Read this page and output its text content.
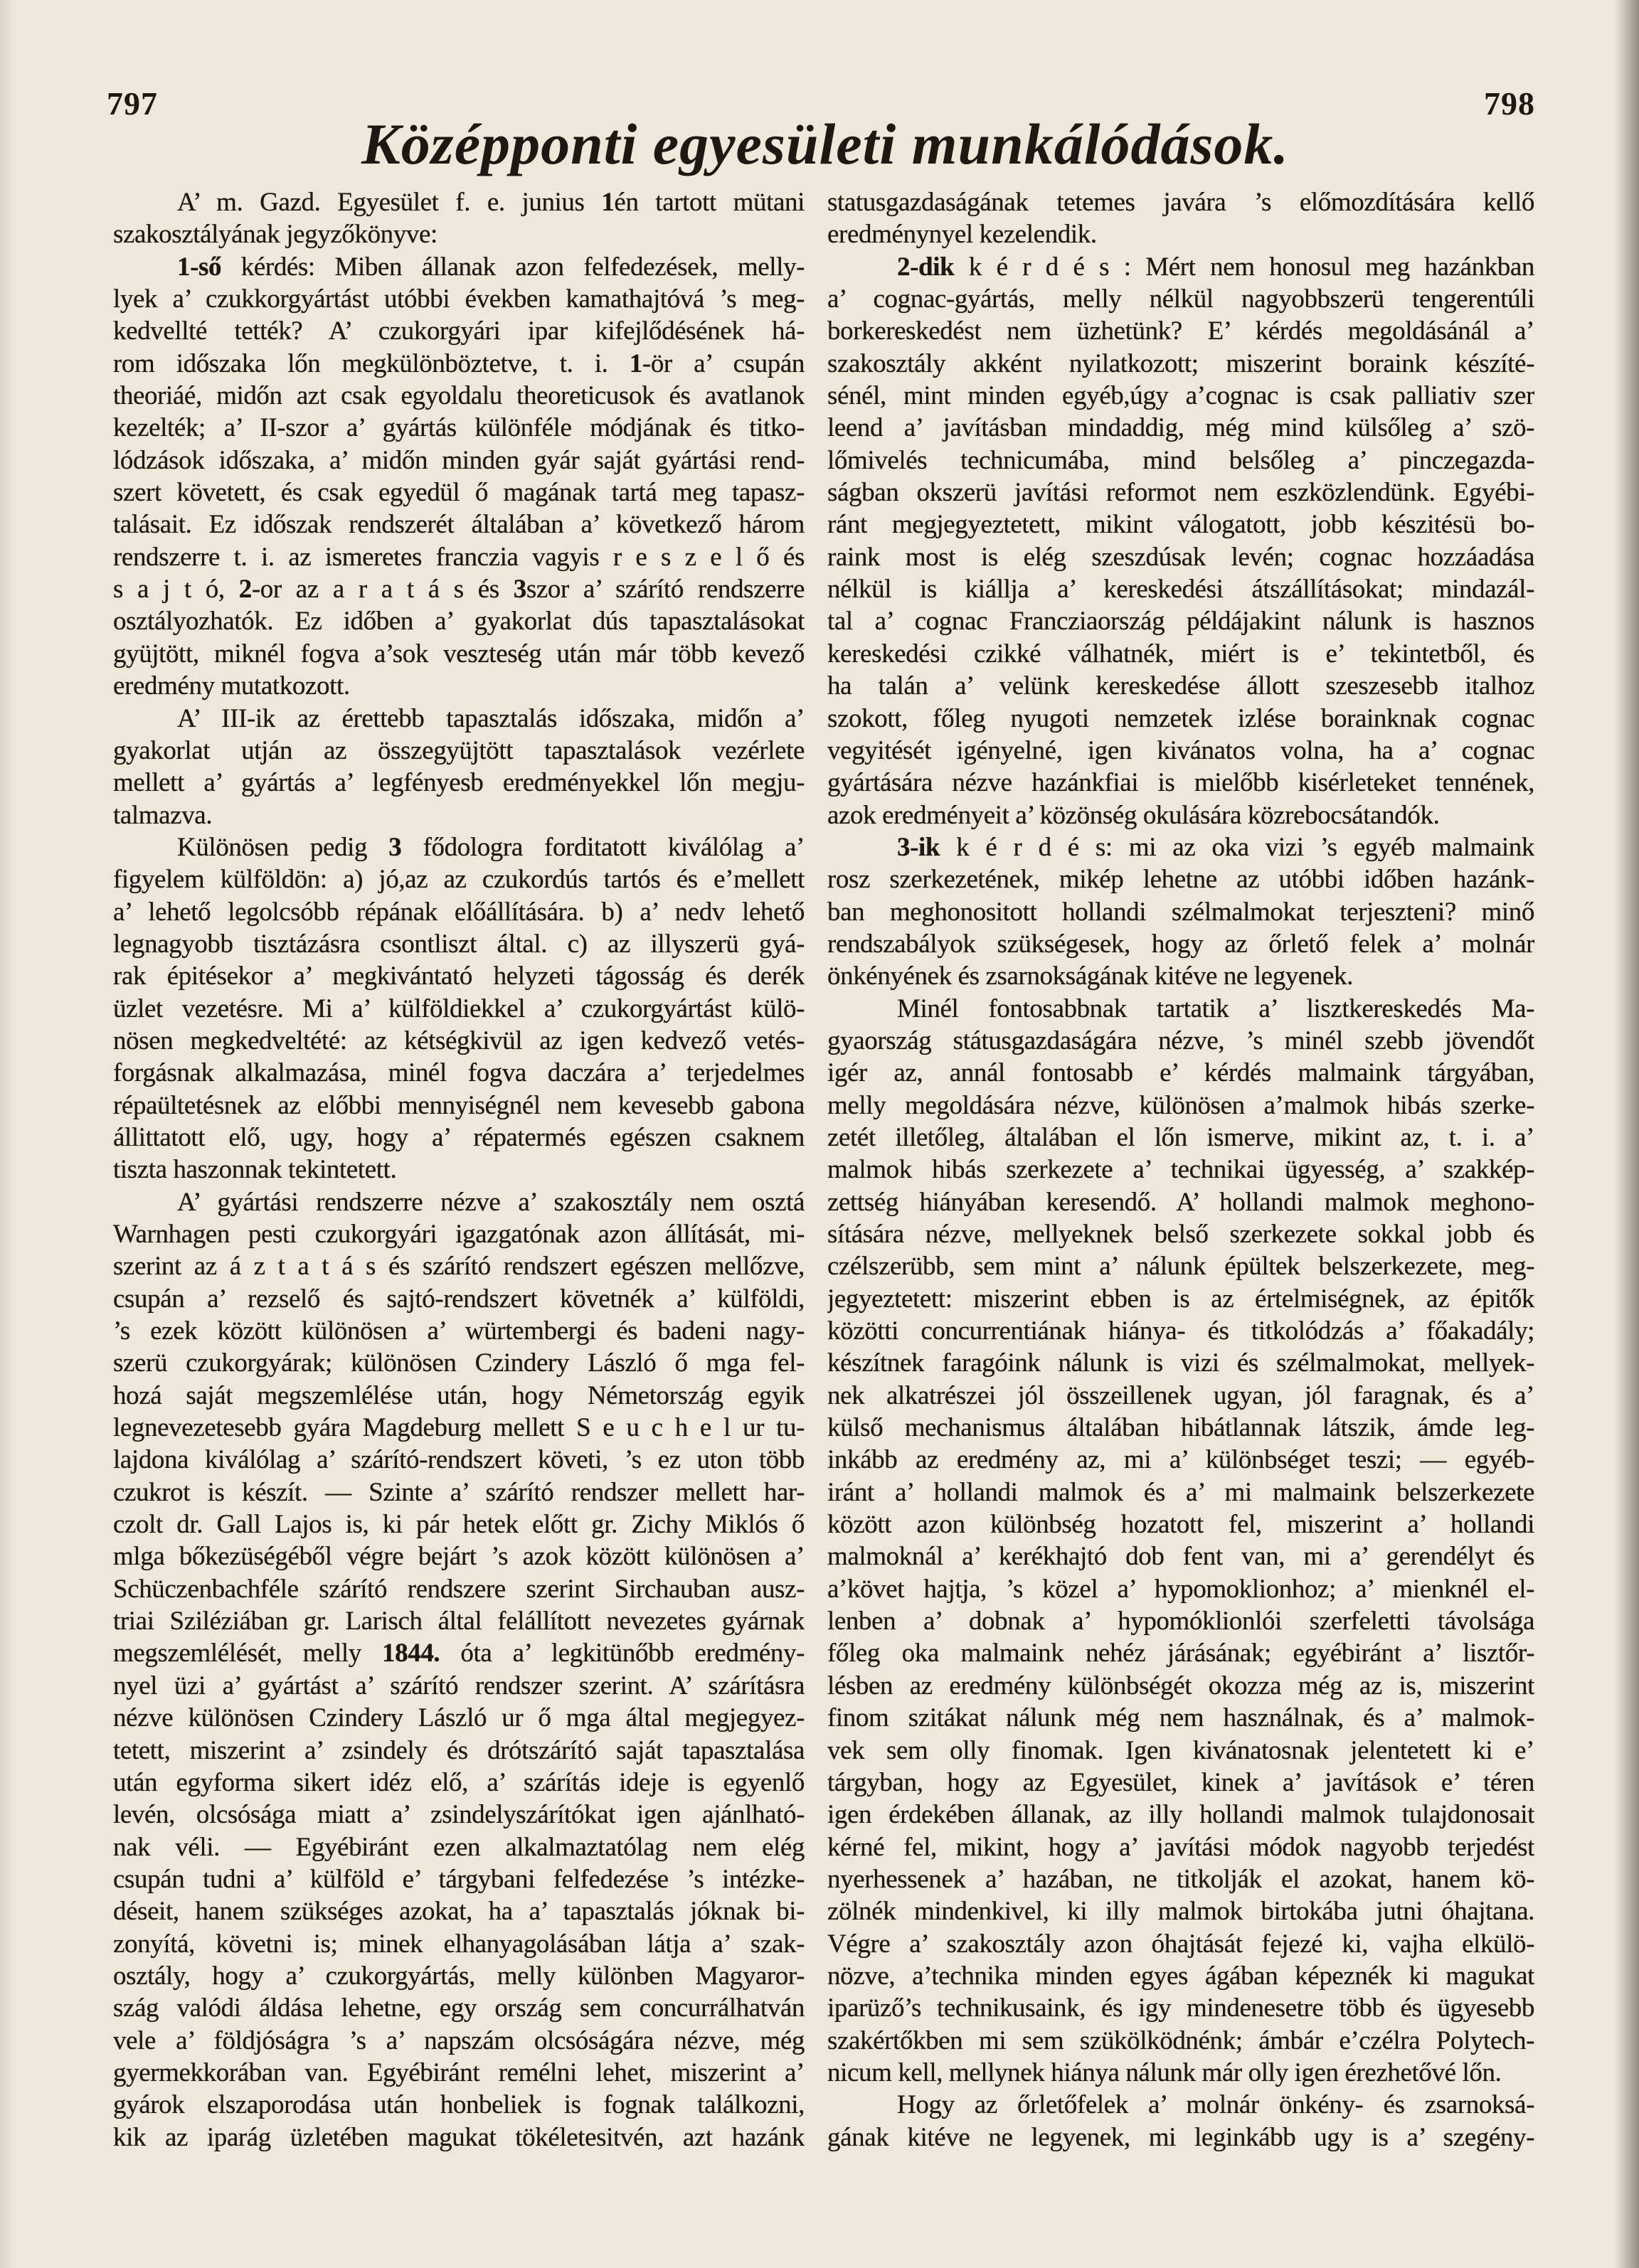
797	798
Középponti egyesületi munkálódások.
A’ m. Gazd. Egyesület f. e. junius 1én tartott mütani
szakosztályának jegyzőkönyve:
1-ső kérdés: Miben állanak azon felfedezések, melly-
lyek a’ czukkorgyártást utóbbi években kamathajtóvá ’s meg-
kedvellté tették? A’ czukorgyári ipar kifejlődésének há-
rom időszaka lőn megkülönböztetve, t. i. 1-ör a’ csupán
theoriáé, midőn azt csak egyoldalu theoreticusok és avatlanok
kezelték; a’ II-szor a’ gyártás különféle módjának és titko-
lódzások időszaka, a’ midőn minden gyár saját gyártási rend-
szert követett, és csak egyedül ő magának tartá meg tapasz-
talásait. Ez időszak rendszerét általában a’ következő három
rendszerre t. i. az ismeretes franczia vagyis r e s z e l ő és
s a j t ó, 2-or az a r a t á s és 3szor a’ szárító rendszerre
osztályozhatók. Ez időben a’ gyakorlat dús tapasztalásokat
gyüjtött, miknél fogva a’sok veszteség után már több kevező
eredmény mutatkozott.
A’ III-ik az érettebb tapasztalás időszaka, midőn a’
gyakorlat utján az összegyüjtött tapasztalások vezérlete
mellett a’ gyártás a’ legfényesb eredményekkel lőn megju-
talmazva.
Különösen pedig 3 fődologra forditatott kiválólag a’
figyelem külföldön: a) jó,az az czukordús tartós és e’mellett
a’ lehető legolcsóbb répának előállítására. b) a’ nedv lehető
legnagyobb tisztázásra csontliszt által. c) az illyszerü gyá-
rak épitésekor a’ megkivántató helyzeti tágosság és derék
üzlet vezetésre. Mi a’ külföldiekkel a’ czukorgyártást külö-
nösen megkedveltété: az kétségkivül az igen kedvező vetés-
forgásnak alkalmazása, minél fogva daczára a’ terjedelmes
répaültetésnek az előbbi mennyiségnél nem kevesebb gabona
állittatott elő, ugy, hogy a’ répatermés egészen csaknem
tiszta haszonnak tekintetett.
A’ gyártási rendszerre nézve a’ szakosztály nem osztá
Warnhagen pesti czukorgyári igazgatónak azon állítását, mi-
szerint az á z t a t á s és szárító rendszert egészen mellőzve,
csupán a’ rezselő és sajtó-rendszert követnék a’ külföldi,
’s ezek között különösen a’ würtembergi és badeni nagy-
szerü czukorgyárak; különösen Czindery László ő mga fel-
hozá saját megszemlélése után, hogy Németország egyik
legnevezetesebb gyára Magdeburg mellett S e u c h e l ur tu-
lajdona kiválólag a’ szárító-rendszert követi, ’s ez uton több
czukrot is készít. — Szinte a’ szárító rendszer mellett har-
czolt dr. Gall Lajos is, ki pár hetek előtt gr. Zichy Miklós ő
mlga bőkezüségéből végre bejárt ’s azok között különösen a’
Schüczenbachféle szárító rendszere szerint Sirchauban ausz-
triai Sziléziában gr. Larisch által felállított nevezetes gyárnak
megszemlélését, melly 1844. óta a’ legkitünőbb eredmény-
nyel üzi a’ gyártást a’ szárító rendszer szerint. A’ szárításra
nézve különösen Czindery László ur ő mga által megjegyez-
tetett, miszerint a’ zsindely és drótszárító saját tapasztalása
után egyforma sikert idéz elő, a’ szárítás ideje is egyenlő
levén, olcsósága miatt a’ zsindelyszárítókat igen ajánlható-
nak véli. — Egyébiránt ezen alkalmaztatólag nem elég
csupán tudni a’ külföld e’ tárgybani felfedezése ’s intézke-
déseit, hanem szükséges azokat, ha a’ tapasztalás jóknak bi-
zonyítá, követni is; minek elhanyagolásában látja a’ szak-
osztály, hogy a’ czukorgyártás, melly különben Magyaror-
szág valódi áldása lehetne, egy ország sem concurrálhatván
vele a’ földjóságra ’s a’ napszám olcsóságára nézve, még
gyermekkorában van. Egyébiránt remélni lehet, miszerint a’
gyárok elszaporodása után honbeliek is fognak találkozni,
kik az iparág üzletében magukat tökéletesitvén, azt hazánk
statusgazdaságának tetemes javára ’s előmozdítására kellő
eredménynyel kezelendik.
2-dik k é r d é s : Mért nem honosul meg hazánkban
a’ cognac-gyártás, melly nélkül nagyobbszerü tengerentúli
borkereskedést nem üzhetünk? E’ kérdés megoldásánál a’
szakosztály akként nyilatkozott; miszerint boraink készíté-
sénél, mint minden egyéb,úgy a’cognac is csak palliativ szer
leend a’ javításban mindaddig, még mind külsőleg a’ szö-
lőmivelés technicumába, mind belsőleg a’ pinczegazda-
ságban okszerü javítási reformot nem eszközlendünk. Egyébi-
ránt megjegyeztetett, mikint válogatott, jobb készitésü bo-
raink most is elég szeszdúsak levén; cognac hozzáadása
nélkül is kiállja a’ kereskedési átszállításokat; mindazál-
tal a’ cognac Francziaország példájakint nálunk is hasznos
kereskedési czikké válhatnék, miért is e’ tekintetből, és
ha talán a’ velünk kereskedése állott szeszesebb italhoz
szokott, főleg nyugoti nemzetek izlése borainknak cognac
vegyitését igényelné, igen kivánatos volna, ha a’ cognac
gyártására nézve hazánkfiai is mielőbb kisérleteket tennének,
azok eredményeit a’ közönség okulására közrebocsátandók.
3-ik k é r d é s: mi az oka vizi ’s egyéb malmaink
rosz szerkezetének, mikép lehetne az utóbbi időben hazánk-
ban meghonositott hollandi szélmalmokat terjeszteni? minő
rendszabályok szükségesek, hogy az őrlető felek a’ molnár
önkényének és zsarnokságának kitéve ne legyenek.
Minél fontosabbnak tartatik a’ lisztkereskedés Ma-
gyaország státusgazdaságára nézve, ’s minél szebb jövendőt
igér az, annál fontosabb e’ kérdés malmaink tárgyában,
melly megoldására nézve, különösen a’malmok hibás szerke-
zetét illetőleg, általában el lőn ismerve, mikint az, t. i. a’
malmok hibás szerkezete a’ technikai ügyesség, a’ szakkép-
zettség hiányában keresendő. A’ hollandi malmok meghono-
sítására nézve, mellyeknek belső szerkezete sokkal jobb és
czélszerübb, sem mint a’ nálunk épültek belszerkezete, meg-
jegyeztetett: miszerint ebben is az értelmiségnek, az épitők
közötti concurrentiának hiánya- és titkolódzás a’ főakadály;
készítnek faragóink nálunk is vizi és szélmalmokat, mellyek-
nek alkatrészei jól összeillenek ugyan, jól faragnak, és a’
külső mechanismus általában hibátlannak látszik, ámde leg-
inkább az eredmény az, mi a’ különbséget teszi; — egyéb-
iránt a’ hollandi malmok és a’ mi malmaink belszerkezete
között azon különbség hozatott fel, miszerint a’ hollandi
malmoknál a’ kerékhajtó dob fent van, mi a’ gerendélyt és
a’követ hajtja, ’s közel a’ hypomoklionhoz; a’ mienknél el-
lenben a’ dobnak a’ hypomóklionlói szerfeletti távolsága
főleg oka malmaink nehéz járásának; egyébiránt a’ lisztőr-
lésben az eredmény különbségét okozza még az is, miszerint
finom szitákat nálunk még nem használnak, és a’ malmok-
vek sem olly finomak. Igen kivánatosnak jelentetett ki e’
tárgyban, hogy az Egyesület, kinek a’ javítások e’ téren
igen érdekében állanak, az illy hollandi malmok tulajdonosait
kérné fel, mikint, hogy a’ javítási módok nagyobb terjedést
nyerhessenek a’ hazában, ne titkolják el azokat, hanem kö-
zölnék mindenkivel, ki illy malmok birtokába jutni óhajtana.
Végre a’ szakosztály azon óhajtását fejezé ki, vajha elkülö-
nözve, a’technika minden egyes ágában képeznék ki magukat
iparüző’s technikusaink, és igy mindenesetre több és ügyesebb
szakértőkben mi sem szükölködnénk; ámbár e’czélra Polytech-
nicum kell, mellynek hiánya nálunk már olly igen érezhetővé lőn.
Hogy az őrletőfelek a’ molnár önkény- és zsarnoksá-
gának kitéve ne legyenek, mi leginkább ugy is a’ szegény-
